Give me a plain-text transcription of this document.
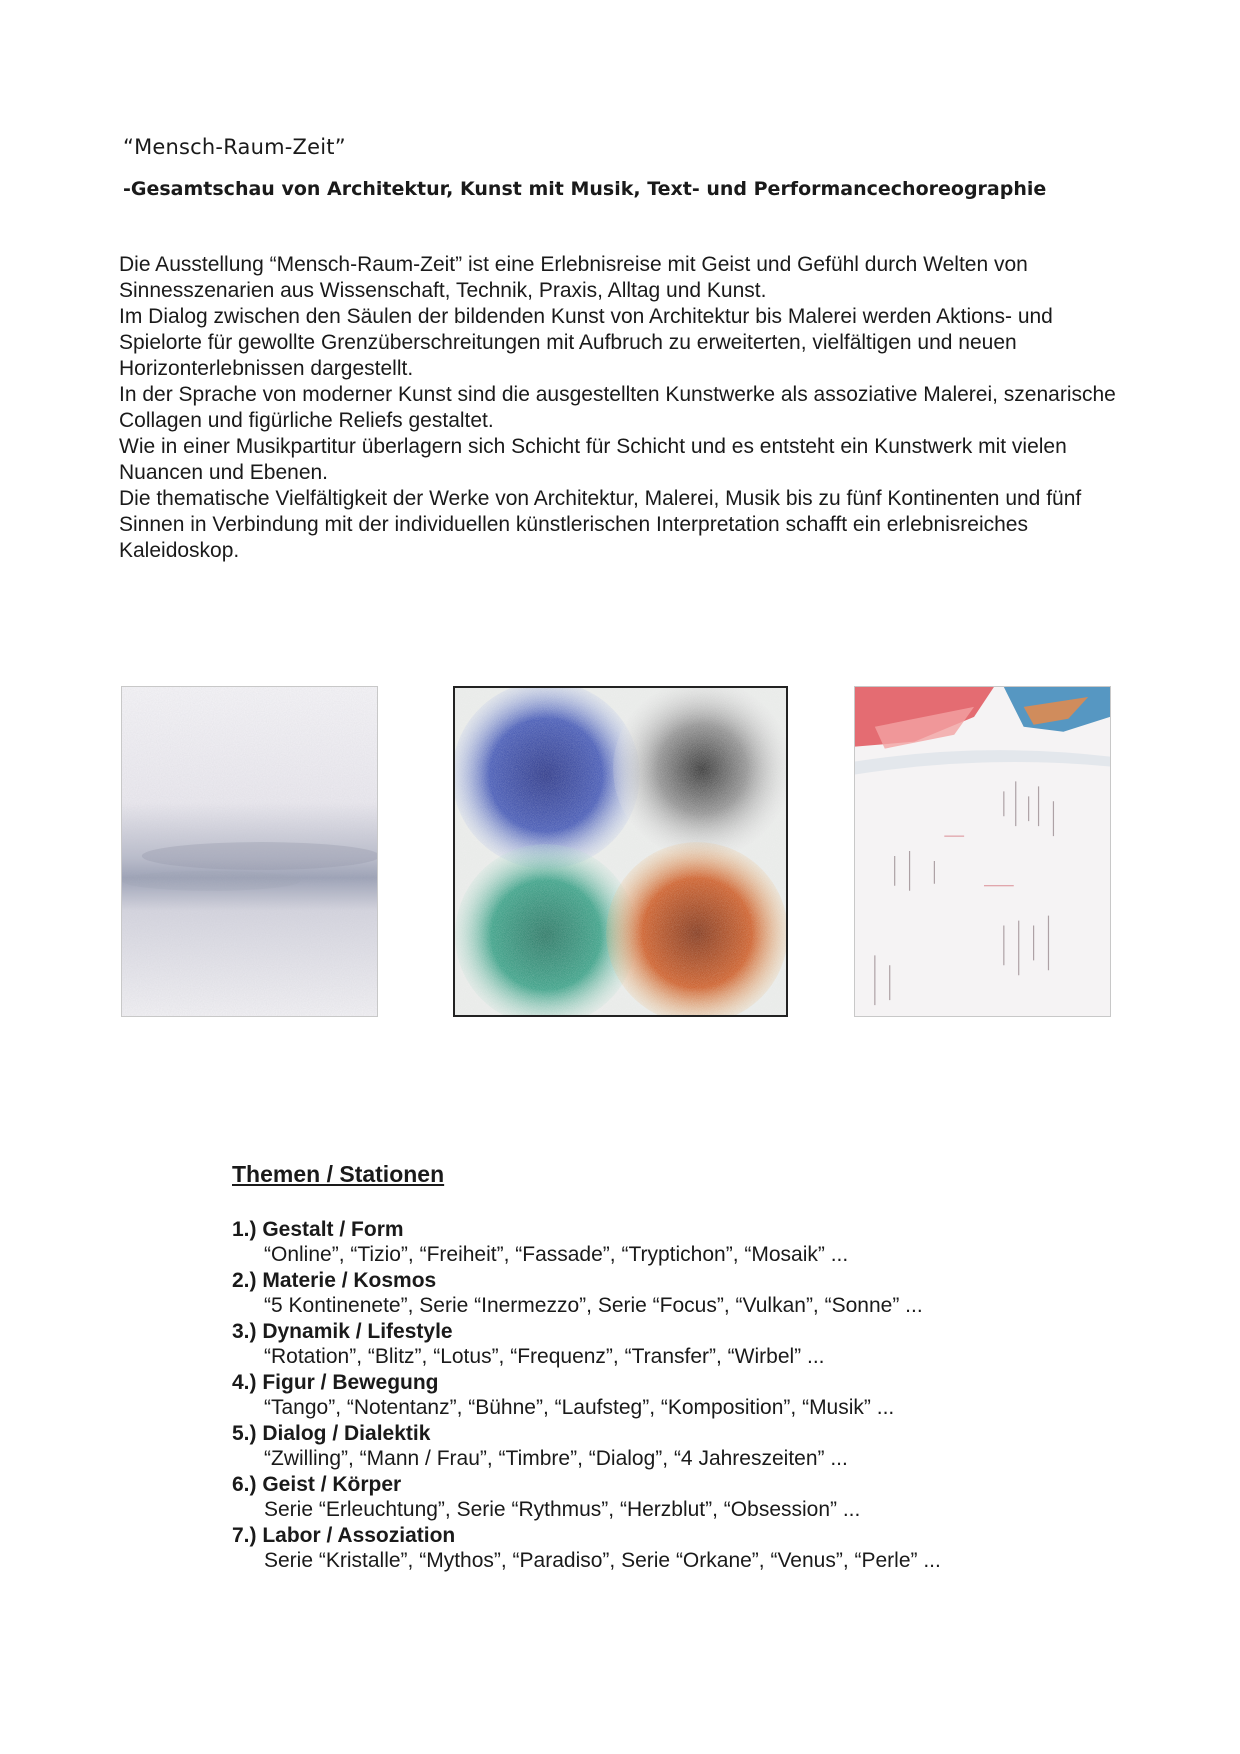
“Mensch-Raum-Zeit”
-Gesamtschau von Architektur, Kunst mit Musik, Text- und Performancechoreographie

Die Ausstellung “Mensch-Raum-Zeit” ist eine Erlebnisreise mit Geist und Gefühl durch Welten von Sinnesszenarien aus Wissenschaft, Technik, Praxis, Alltag und Kunst.

Im Dialog zwischen den Säulen der bildenden Kunst von Architektur bis Malerei werden Aktions- und Spielorte für gewollte Grenzüberschreitungen mit Aufbruch zu erweiterten, vielfältigen und neuen Horizonterlebnissen dargestellt.

In der Sprache von moderner Kunst sind die ausgestellten Kunstwerke als assoziative Malerei, szenarische Collagen und figürliche Reliefs gestaltet.

Wie in einer Musikpartitur überlagern sich Schicht für Schicht und es entsteht ein Kunstwerk mit vielen Nuancen und Ebenen.

Die thematische Vielfältigkeit der Werke von Architektur, Malerei, Musik bis zu fünf Kontinenten und fünf Sinnen in Verbindung mit der individuellen künstlerischen Interpretation schafft ein erlebnisreiches Kaleidoskop.

Themen / Stationen
1.) Gestalt / Form
“Online”, “Tizio”, “Freiheit”, “Fassade”, “Tryptichon”, “Mosaik” ...
2.) Materie / Kosmos
“5 Kontinenete”, Serie “Inermezzo”, Serie “Focus”, “Vulkan”, “Sonne” ...
3.) Dynamik / Lifestyle
“Rotation”, “Blitz”, “Lotus”, “Frequenz”, “Transfer”, “Wirbel” ...
4.) Figur / Bewegung
“Tango”, “Notentanz”, “Bühne”, “Laufsteg”, “Komposition”, “Musik” ...
5.) Dialog / Dialektik
“Zwilling”, “Mann / Frau”, “Timbre”, “Dialog”, “4 Jahreszeiten” ...
6.) Geist / Körper
Serie “Erleuchtung”, Serie “Rythmus”, “Herzblut”, “Obsession” ...
7.) Labor / Assoziation
Serie “Kristalle”, “Mythos”, “Paradiso”, Serie “Orkane”, “Venus”, “Perle” ...
